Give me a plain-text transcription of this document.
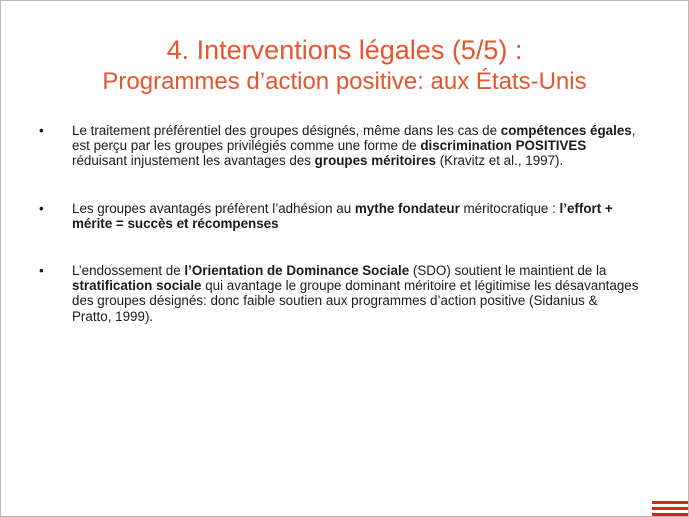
4. Interventions légales (5/5) :
Programmes d’action positive: aux États-Unis
• Le traitement préférentiel des groupes désignés, même dans les cas de compétences égales, est perçu par les groupes privilégiés comme une forme de discrimination POSITIVES réduisant injustement les avantages des groupes méritoires (Kravitz et al., 1997).
• Les groupes avantagés préfèrent l’adhésion au mythe fondateur méritocratique : l’effort + mérite = succès et récompenses
• L’endossement de l’Orientation de Dominance Sociale (SDO) soutient le maintient de la stratification sociale qui avantage le groupe dominant méritoire et légitimise les désavantages des groupes désignés: donc faible soutien aux programmes d’action positive (Sidanius & Pratto, 1999).
